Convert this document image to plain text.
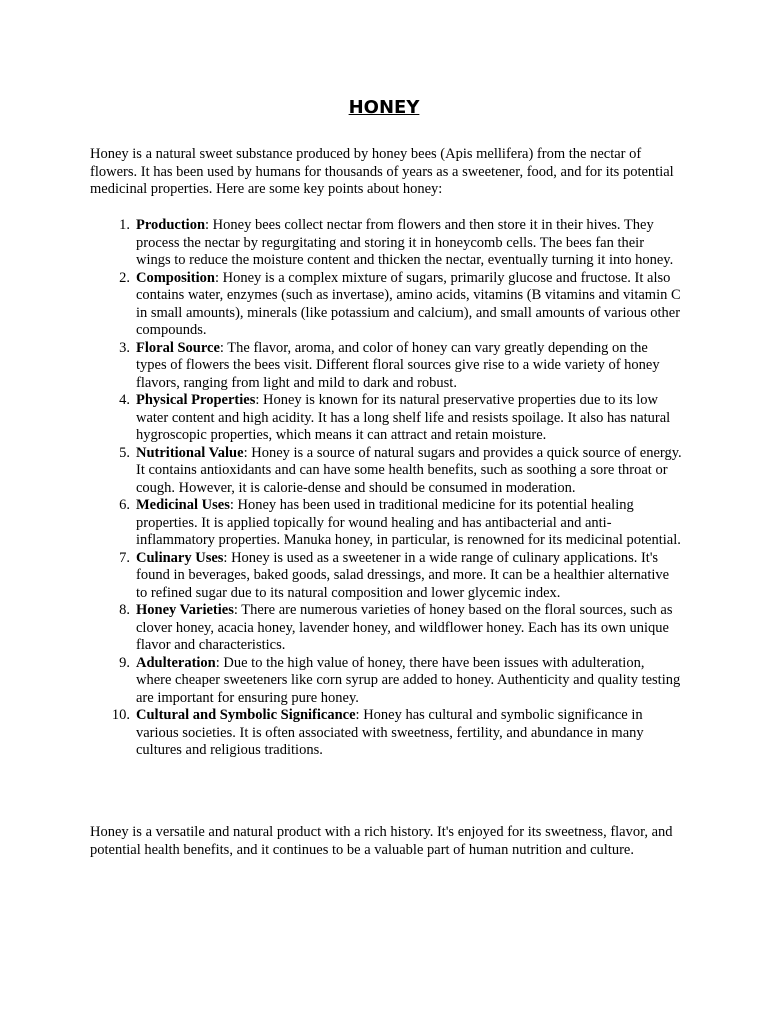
HONEY

Honey is a natural sweet substance produced by honey bees (Apis mellifera) from the nectar of flowers. It has been used by humans for thousands of years as a sweetener, food, and for its potential medicinal properties. Here are some key points about honey:

1. Production: Honey bees collect nectar from flowers and then store it in their hives. They process the nectar by regurgitating and storing it in honeycomb cells. The bees fan their wings to reduce the moisture content and thicken the nectar, eventually turning it into honey.
2. Composition: Honey is a complex mixture of sugars, primarily glucose and fructose. It also contains water, enzymes (such as invertase), amino acids, vitamins (B vitamins and vitamin C in small amounts), minerals (like potassium and calcium), and small amounts of various other compounds.
3. Floral Source: The flavor, aroma, and color of honey can vary greatly depending on the types of flowers the bees visit. Different floral sources give rise to a wide variety of honey flavors, ranging from light and mild to dark and robust.
4. Physical Properties: Honey is known for its natural preservative properties due to its low water content and high acidity. It has a long shelf life and resists spoilage. It also has natural hygroscopic properties, which means it can attract and retain moisture.
5. Nutritional Value: Honey is a source of natural sugars and provides a quick source of energy. It contains antioxidants and can have some health benefits, such as soothing a sore throat or cough. However, it is calorie-dense and should be consumed in moderation.
6. Medicinal Uses: Honey has been used in traditional medicine for its potential healing properties. It is applied topically for wound healing and has antibacterial and anti-inflammatory properties. Manuka honey, in particular, is renowned for its medicinal potential.
7. Culinary Uses: Honey is used as a sweetener in a wide range of culinary applications. It's found in beverages, baked goods, salad dressings, and more. It can be a healthier alternative to refined sugar due to its natural composition and lower glycemic index.
8. Honey Varieties: There are numerous varieties of honey based on the floral sources, such as clover honey, acacia honey, lavender honey, and wildflower honey. Each has its own unique flavor and characteristics.
9. Adulteration: Due to the high value of honey, there have been issues with adulteration, where cheaper sweeteners like corn syrup are added to honey. Authenticity and quality testing are important for ensuring pure honey.
10. Cultural and Symbolic Significance: Honey has cultural and symbolic significance in various societies. It is often associated with sweetness, fertility, and abundance in many cultures and religious traditions.

Honey is a versatile and natural product with a rich history. It's enjoyed for its sweetness, flavor, and potential health benefits, and it continues to be a valuable part of human nutrition and culture.
